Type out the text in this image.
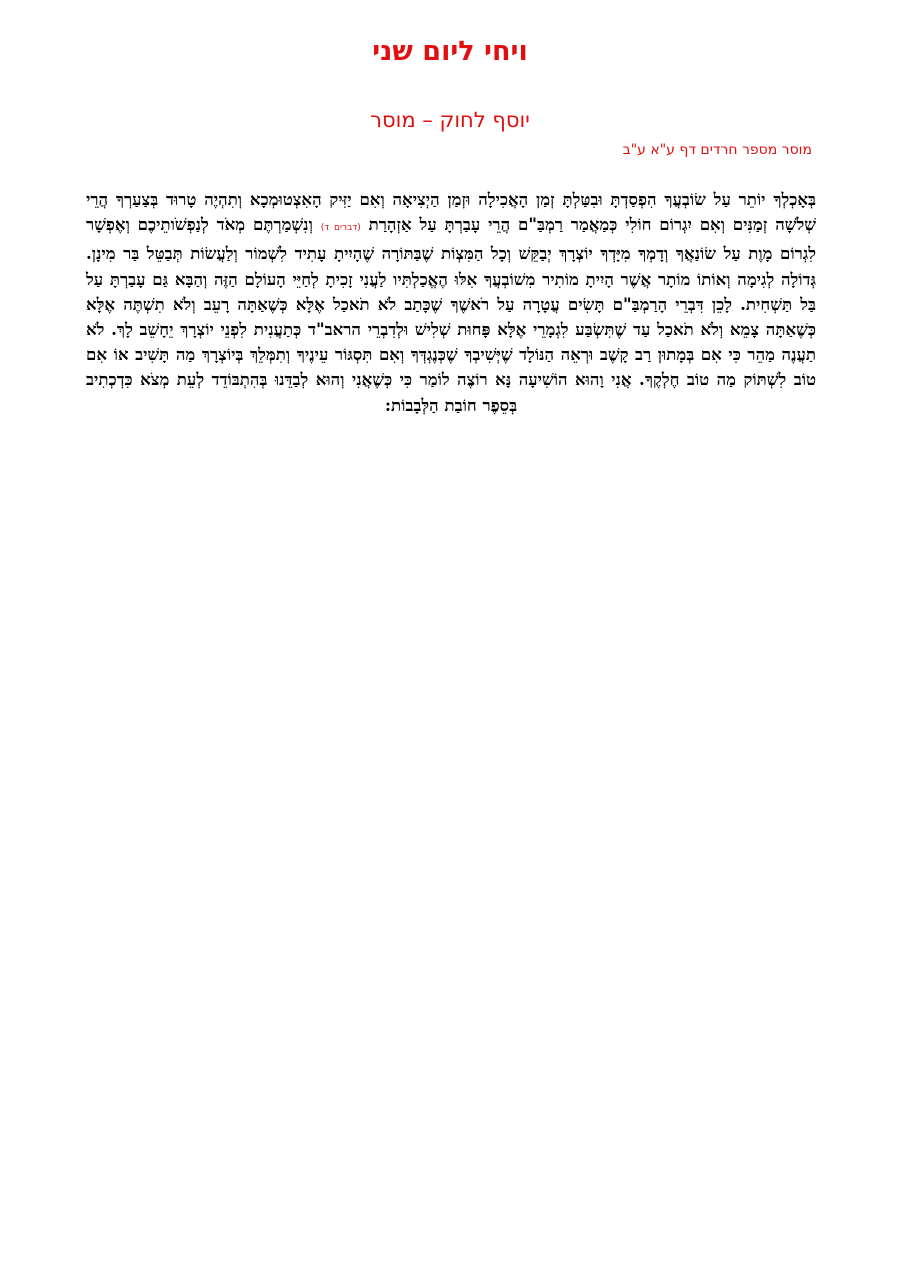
ויחי ליום שני
יוסף לחוק – מוסר
מוסר מספר חרדים דף ע"א ע"ב
בְּאָכְלְךָ יוֹתֵר עַל שׂוֹבְעֲךָ הִפְסַדְתָּ וּבִטַּלְתָּ זְמַן הָאֲכִילָה וּזְמַן הַיְצִיאָה וְאִם יַזִּיק הָאִצְטוּמְכָא וְתִהְיֶה טָרוּד בְּצַעַרְךָ הֲרֵי שְׁלֹשָׁה זְמַנִּים וְאִם יִגְרוֹם חוֹלִי כְּמַאֲמַר רַמְבַּ"ם הֲרֵי עָבַרְתָּ עַל אַזְהָרַת (דברים ד) וְנִשְׁמַרְתֶּם מְאֹד לְנַפְשֹׁותֵיכֶם וְאֶפְשָׁר לִגְרוֹם מָוֶת עַל שׂוֹנַאֲךָ וְדָמְךָ מִיָּדְךָ יוֹצְרָךְ יְבַקֵּשׁ וְכָל הַמִּצְוֹת שֶׁבַּתּוֹרָה שֶׁהָיִיתָ עָתִיד לִשְׁמוֹר וְלַעֲשׂוֹת תְּבַטֵּל בַּר מִינָן. גְּדוֹלָה לְגִימָה וְאוֹתוֹ מוֹתָר אֲשֶׁר הָיִיתָ מוֹתִיר מִשׁוֹבְעֲךָ אִלּוּ הֶאֱכַלְתִּיו לַעֲנִי זָכִיתָ לְחַיֵּי הָעוֹלָם הַזֶּה וְהַבָּא גַּם עָבַרְתָּ עַל בַּל תַּשְׁחִית. לָכֵן דִּבְרֵי הָרַמְבַּ"ם תָּשִׂים עֲטָרָה עַל רֹאשֶׁךָ שֶׁכָּתַב לֹא תֹאכַל אֶלָּא כְּשֶׁאַתָּה רָעֵב וְלֹא תִשְׁתֶּה אֶלָּא כְּשֶׁאַתָּה צָמֵא וְלֹא תֹאכַל עַד שֶׁתִּשְׂבַּע לִגְמָרֵי אֶלָּא פָּחוּת שְׁלִישׁ וּלְדִבְרֵי הראב"ד כְּתַעֲנִית לִפְנֵי יוֹצְרָךְ יֵחָשֵׁב לָךְ. לֹא תַעֲנֶה מַהֵר כִּי אִם בְּמָתוּן רַב קָשֶׁב וּרְאֵה הַנּוֹלָד שֶׁיְּשִׁיבְךָ שֶׁכְּנֶגְדְּךָ וְאִם תִּסְגּוֹר עֵינֶיךָ וְתִמְּלֵךְ בְּיוֹצְרָךְ מַה תָּשִׁיב אוֹ אִם טוֹב לִשְׁתּוֹק מַה טוֹב חֶלְקֶךָ. אֲנִי וָהוּא הוֹשִׁיעָה נָּא רוֹצֶה לוֹמַר כִּי כְּשֶׁאֲנִי וְהוּא לְבַדֵּנוּ בְּהִתְבּוֹדֵד לְעֵת מְצֹא כִּדְכְתִיב בְּסֵפֶר חוֹבַת הַלְּבָבוֹת:
